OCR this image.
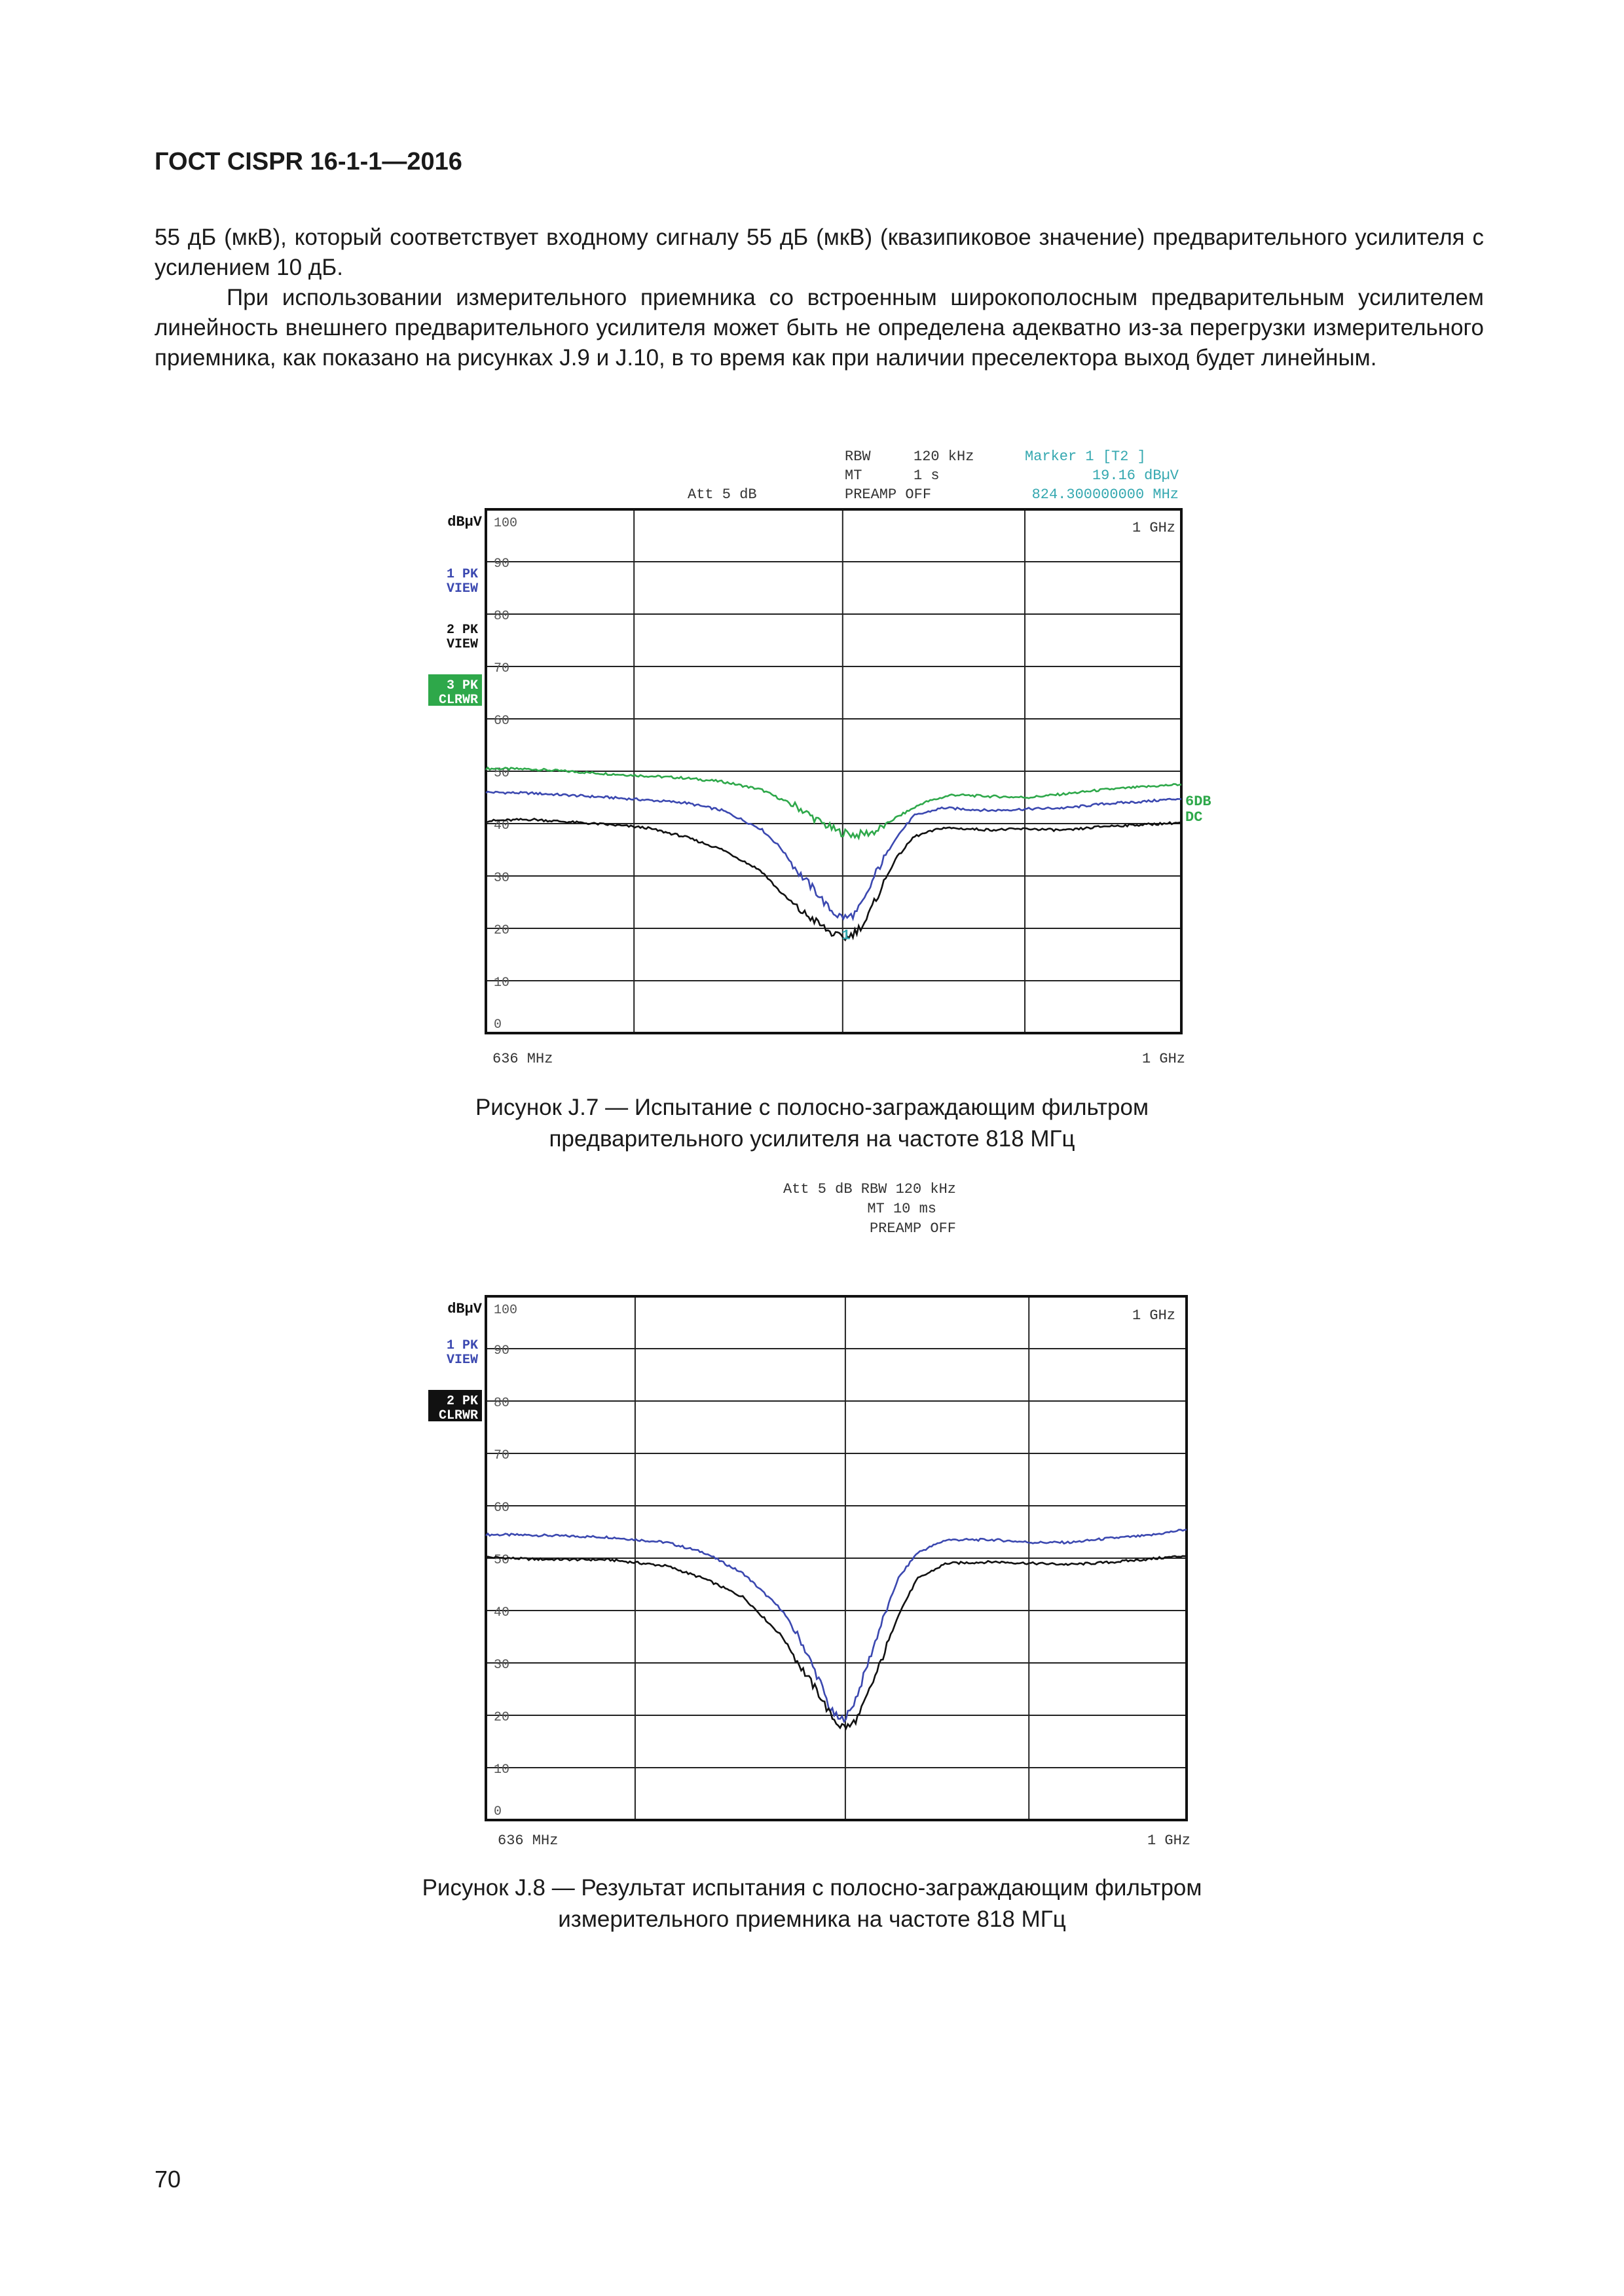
ГОСТ CISPR 16-1-1—2016

55 дБ (мкВ), который соответствует входному сигналу 55 дБ (мкВ) (квазипиковое значение) предварительного усилителя с усилением 10 дБ.

При использовании измерительного приемника со встроенным широкополосным предварительным усилителем линейность внешнего предварительного усилителя может быть не определена адекватно из-за перегрузки измерительного приемника, как показано на рисунках J.9 и J.10, в то время как при наличии преселектора выход будет линейным.

Att 5 dB
RBW	120 kHz
MT	1 s
PREAMP OFF
Marker 1 [T2 ]
19.16 dBµV
824.300000000 MHz
1 PK
VIEW
2 PK
VIEW
3 PK
CLRWR
dBµV 100
90
80
70
60
50
40
30
20
10
0
1
1 GHz
636 MHz	1 GHz
6DB
DC
Рисунок J.7 — Испытание с полосно-заграждающим фильтром
предварительного усилителя на частоте 818 МГц
Att 5 dB RBW 120 kHz
MT 10 ms
PREAMP OFF
1 PK
VIEW
2 PK
CLRWR
dBµV 100
90
80
70
60
50
40
30
20
10
0
1 GHz
636 MHz	1 GHz
Рисунок J.8 — Результат испытания с полосно-заграждающим фильтром
измерительного приемника на частоте 818 МГц
70
